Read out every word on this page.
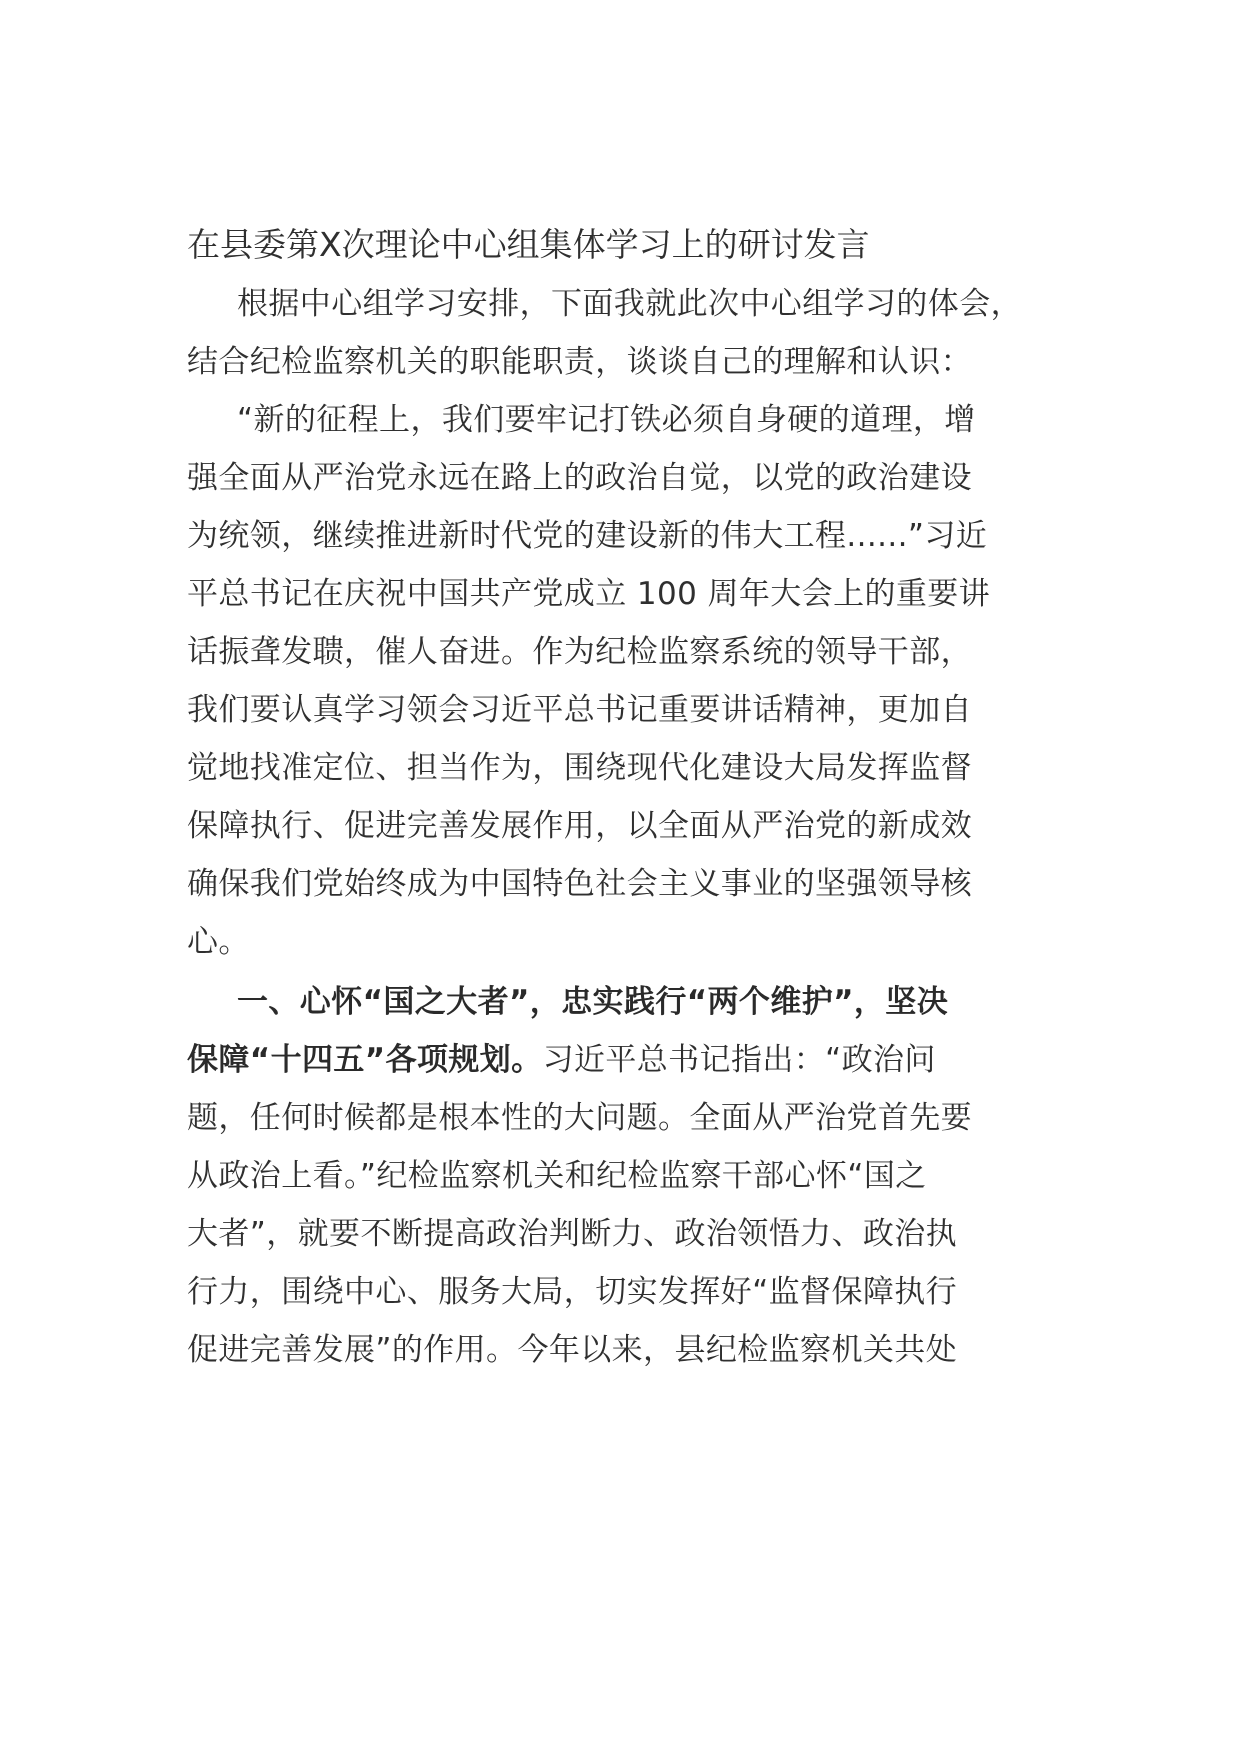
在县委第X次理论中心组集体学习上的研讨发言
根据中心组学习安排，下面我就此次中心组学习的体会，
结合纪检监察机关的职能职责，谈谈自己的理解和认识：
“新的征程上，我们要牢记打铁必须自身硬的道理，增
强全面从严治党永远在路上的政治自觉，以党的政治建设
为统领，继续推进新时代党的建设新的伟大工程......”习近
平总书记在庆祝中国共产党成立 100 周年大会上的重要讲
话振聋发聩，催人奋进。作为纪检监察系统的领导干部，
我们要认真学习领会习近平总书记重要讲话精神，更加自
觉地找准定位、担当作为，围绕现代化建设大局发挥监督
保障执行、促进完善发展作用，以全面从严治党的新成效
确保我们党始终成为中国特色社会主义事业的坚强领导核
心。
一、心怀“国之大者”，忠实践行“两个维护”，坚决
保障“十四五”各项规划。习近平总书记指出：“政治问
题，任何时候都是根本性的大问题。全面从严治党首先要
从政治上看。”纪检监察机关和纪检监察干部心怀“国之
大者”，就要不断提高政治判断力、政治领悟力、政治执
行力，围绕中心、服务大局，切实发挥好“监督保障执行
促进完善发展”的作用。今年以来，县纪检监察机关共处
